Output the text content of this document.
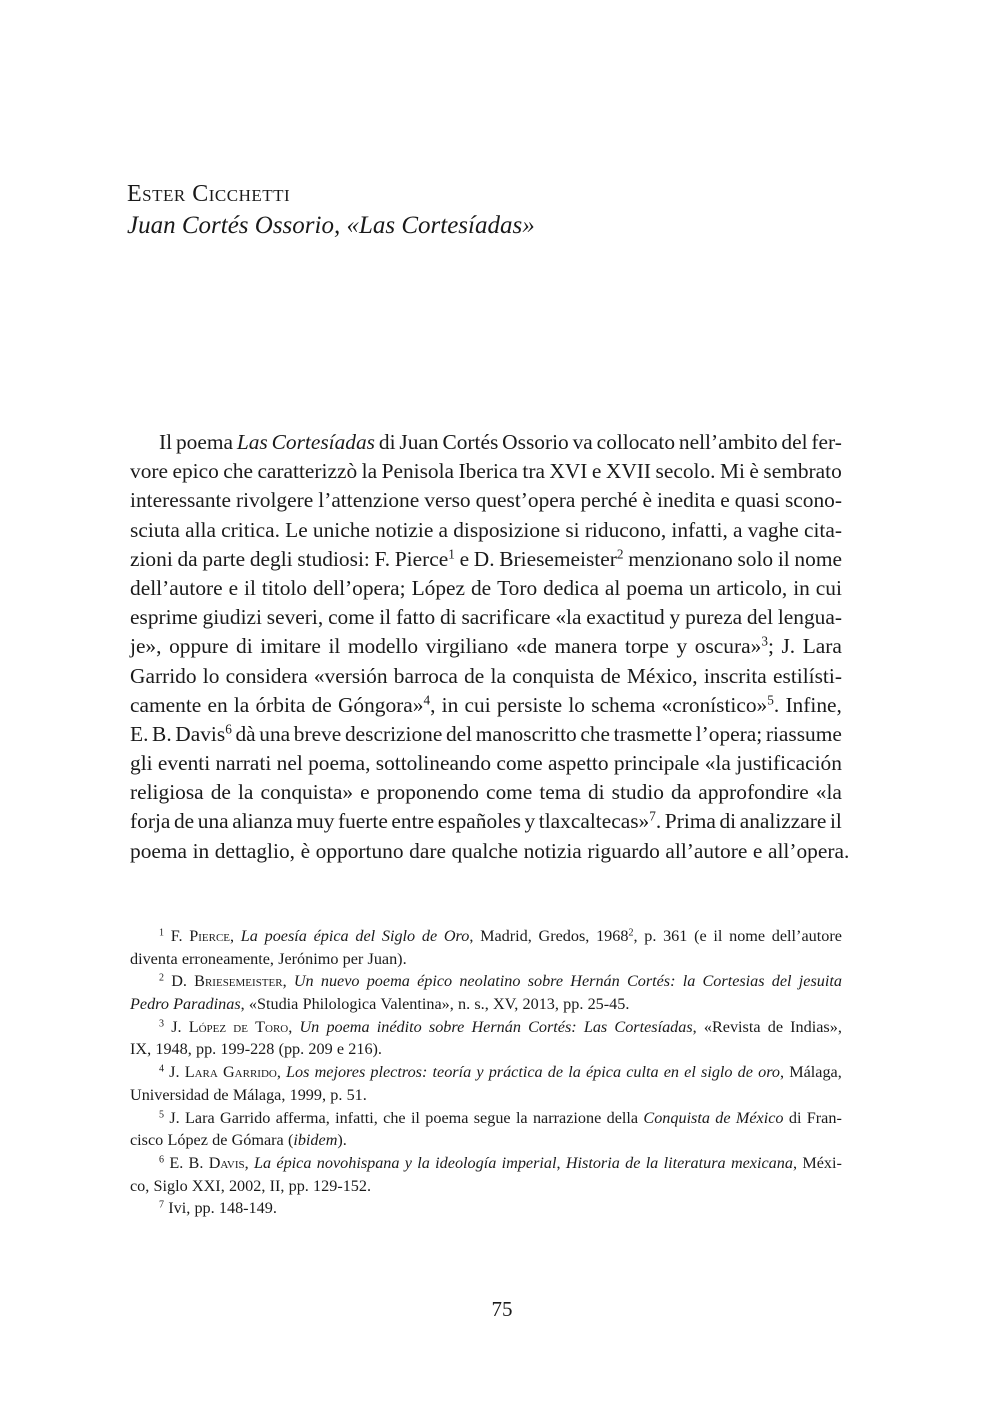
Ester Cicchetti
Juan Cortés Ossorio, «Las Cortesíadas»
Il poema Las Cortesíadas di Juan Cortés Ossorio va collocato nell’ambito del fer-
vore epico che caratterizzò la Penisola Iberica tra XVI e XVII secolo. Mi è sembrato
interessante rivolgere l’attenzione verso quest’opera perché è inedita e quasi scono-
sciuta alla critica. Le uniche notizie a disposizione si riducono, infatti, a vaghe cita-
zioni da parte degli studiosi: F. Pierce$^1$ e D. Briesemeister$^2$ menzionano solo il nome
dell’autore e il titolo dell’opera; López de Toro dedica al poema un articolo, in cui
esprime giudizi severi, come il fatto di sacrificare «la exactitud y pureza del lengua-
je», oppure di imitare il modello virgiliano «de manera torpe y oscura»$^3$; J. Lara
Garrido lo considera «versión barroca de la conquista de México, inscrita estilísti-
camente en la órbita de Góngora»$^4$, in cui persiste lo schema «cronístico»$^5$. Infine,
E. B. Davis$^6$ dà una breve descrizione del manoscritto che trasmette l’opera; riassume
gli eventi narrati nel poema, sottolineando come aspetto principale «la justificación
religiosa de la conquista» e proponendo come tema di studio da approfondire «la
forja de una alianza muy fuerte entre españoles y tlaxcaltecas»$^7$. Prima di analizzare il
poema in dettaglio, è opportuno dare qualche notizia riguardo all’autore e all’opera.
$^1$ F. Pierce, La poesía épica del Siglo de Oro, Madrid, Gredos, 1968$^2$, p. 361 (e il nome dell’autore
diventa erroneamente, Jerónimo per Juan).
$^2$ D. Briesemeister, Un nuevo poema épico neolatino sobre Hernán Cortés: la Cortesias del jesuita
Pedro Paradinas, «Studia Philologica Valentina», n. s., XV, 2013, pp. 25-45.
$^3$ J. López de Toro, Un poema inédito sobre Hernán Cortés: Las Cortesíadas, «Revista de Indias»,
IX, 1948, pp. 199-228 (pp. 209 e 216).
$^4$ J. Lara Garrido, Los mejores plectros: teoría y práctica de la épica culta en el siglo de oro, Málaga,
Universidad de Málaga, 1999, p. 51.
$^5$ J. Lara Garrido afferma, infatti, che il poema segue la narrazione della Conquista de México di Fran-
cisco López de Gómara (ibidem).
$^6$ E. B. Davis, La épica novohispana y la ideología imperial, Historia de la literatura mexicana, Méxi-
co, Siglo XXI, 2002, II, pp. 129-152.
$^7$ Ivi, pp. 148-149.
75
